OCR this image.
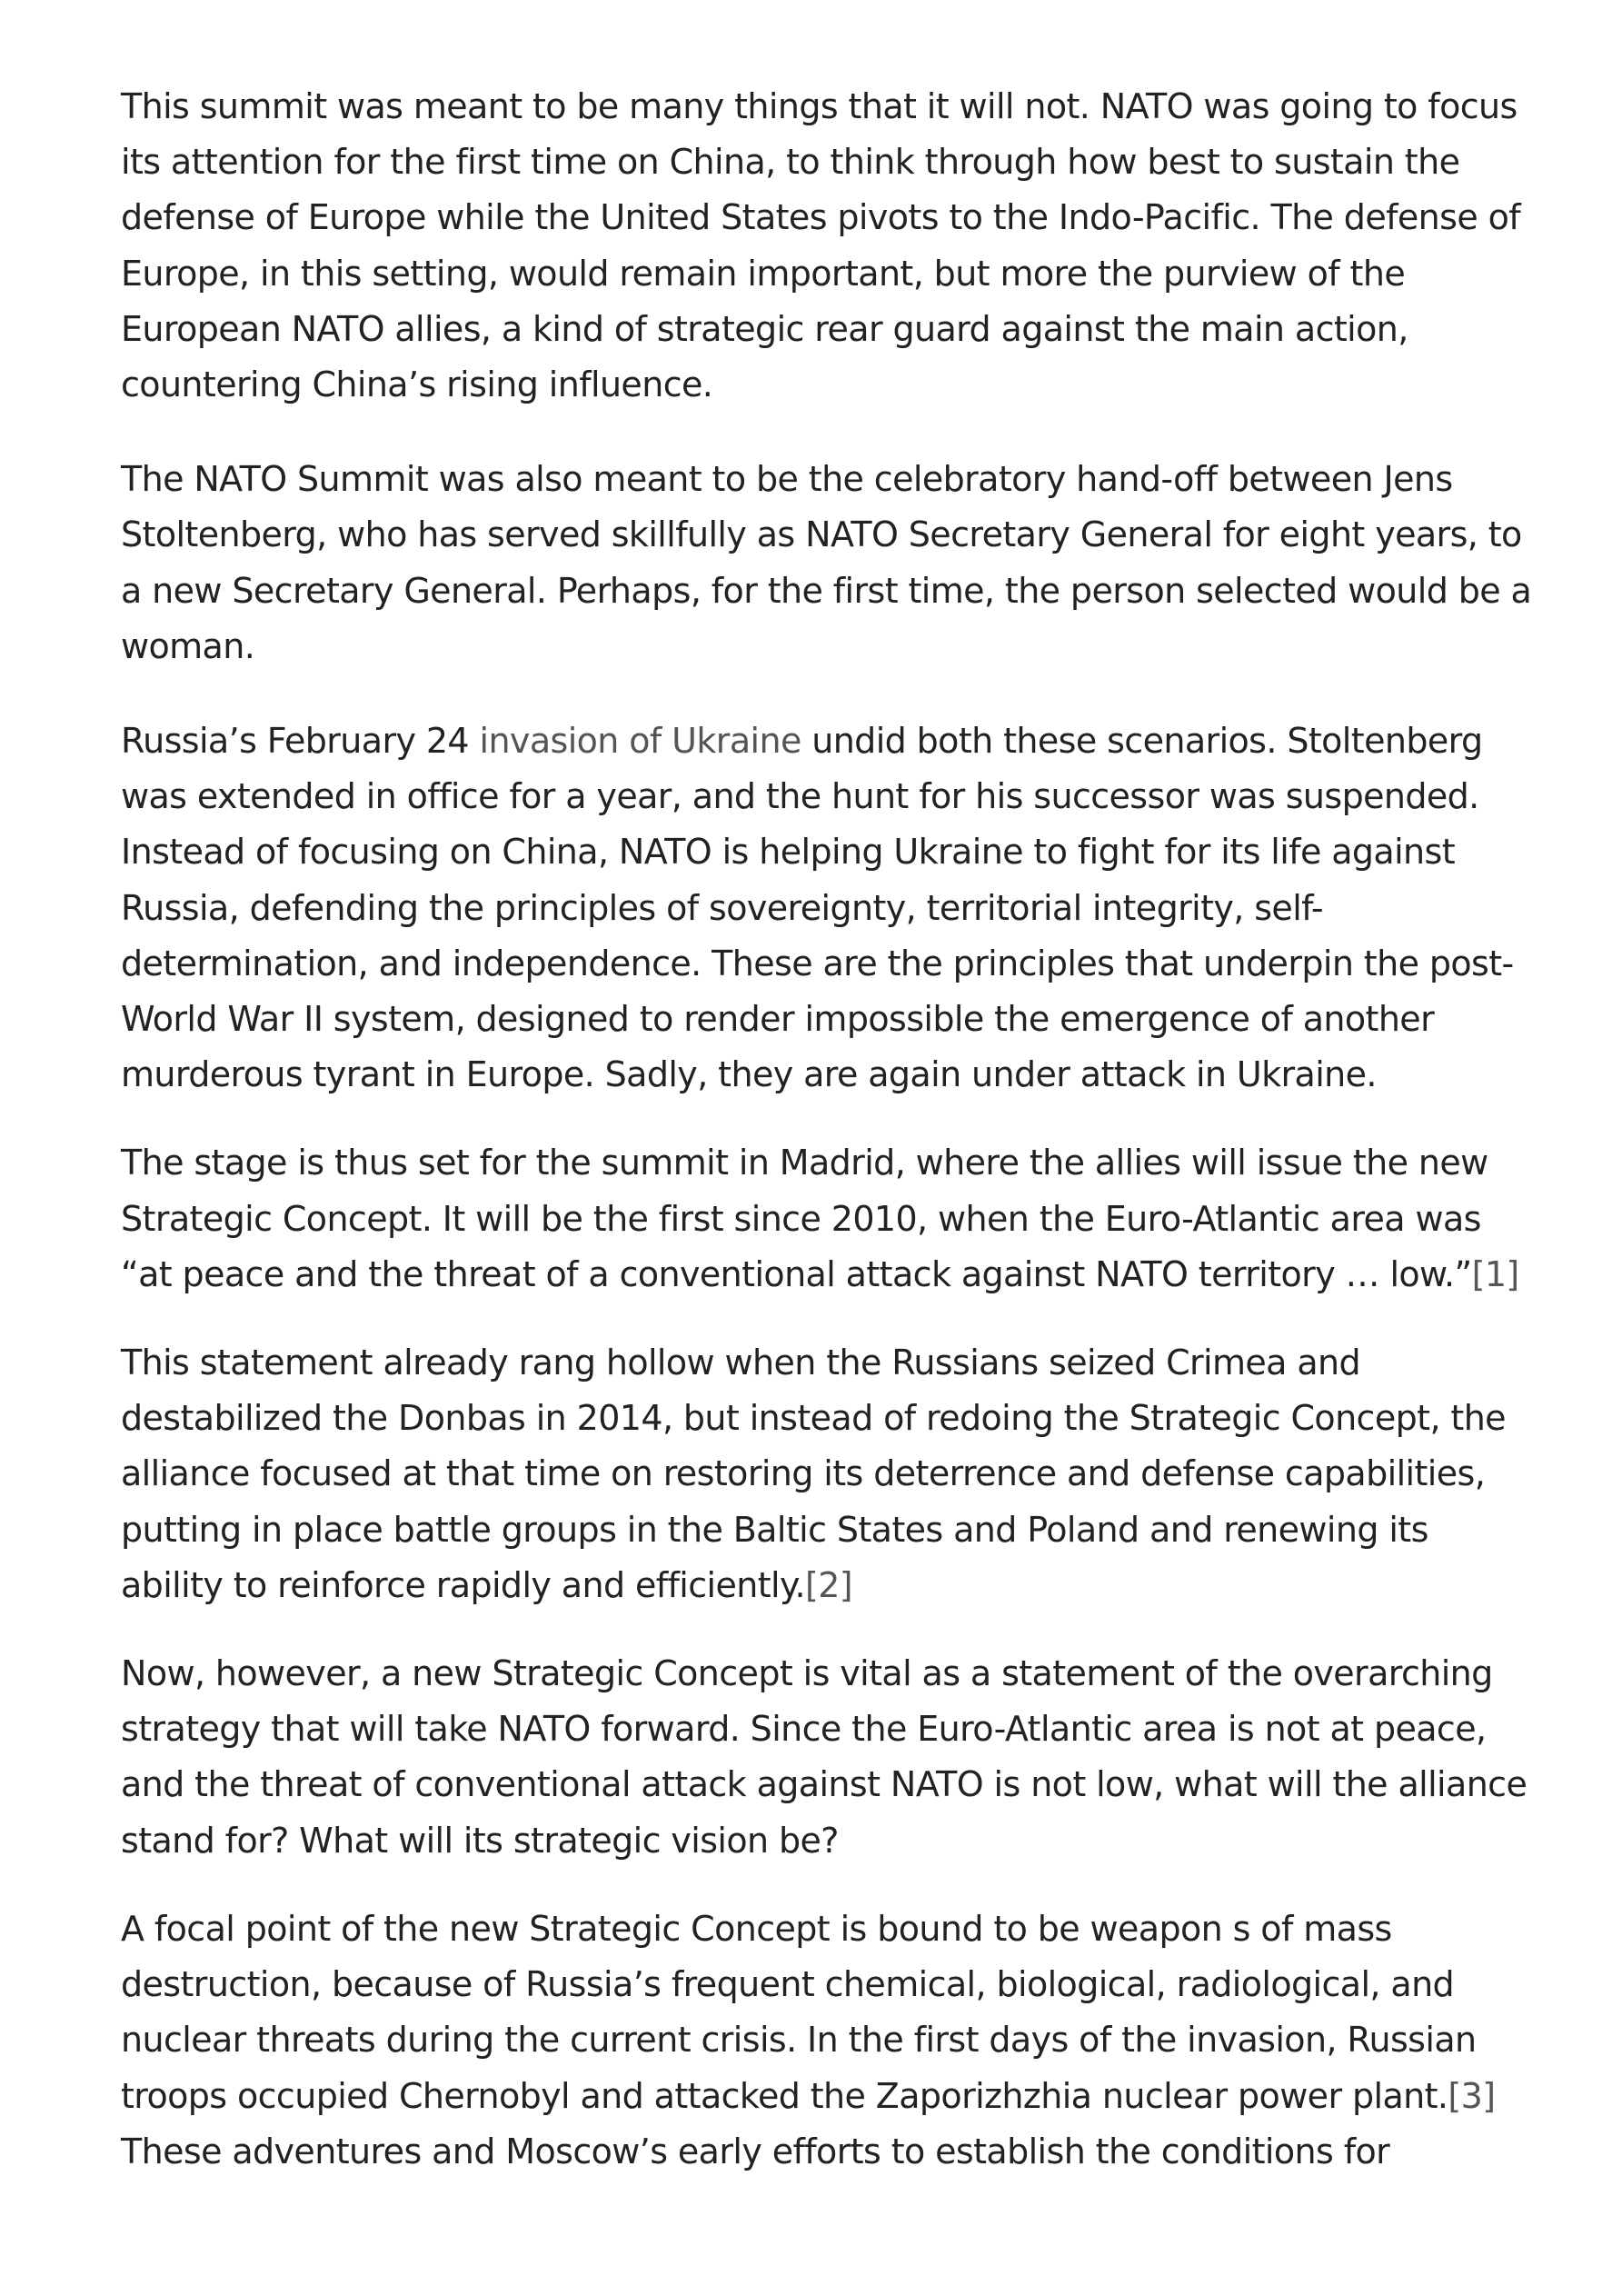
This summit was meant to be many things that it will not. NATO was going to focus its attention for the first time on China, to think through how best to sustain the defense of Europe while the United States pivots to the Indo-Pacific. The defense of Europe, in this setting, would remain important, but more the purview of the European NATO allies, a kind of strategic rear guard against the main action, countering China’s rising influence.

The NATO Summit was also meant to be the celebratory hand-off between Jens Stoltenberg, who has served skillfully as NATO Secretary General for eight years, to a new Secretary General. Perhaps, for the first time, the person selected would be a woman.

Russia’s February 24 invasion of Ukraine undid both these scenarios. Stoltenberg was extended in office for a year, and the hunt for his successor was suspended. Instead of focusing on China, NATO is helping Ukraine to fight for its life against Russia, defending the principles of sovereignty, territorial integrity, self-determination, and independence. These are the principles that underpin the post-World War II system, designed to render impossible the emergence of another murderous tyrant in Europe. Sadly, they are again under attack in Ukraine.

The stage is thus set for the summit in Madrid, where the allies will issue the new Strategic Concept. It will be the first since 2010, when the Euro-Atlantic area was “at peace and the threat of a conventional attack against NATO territory … low.”[1]

This statement already rang hollow when the Russians seized Crimea and destabilized the Donbas in 2014, but instead of redoing the Strategic Concept, the alliance focused at that time on restoring its deterrence and defense capabilities, putting in place battle groups in the Baltic States and Poland and renewing its ability to reinforce rapidly and efficiently.[2]

Now, however, a new Strategic Concept is vital as a statement of the overarching strategy that will take NATO forward. Since the Euro-Atlantic area is not at peace, and the threat of conventional attack against NATO is not low, what will the alliance stand for? What will its strategic vision be?

A focal point of the new Strategic Concept is bound to be weapon s of mass destruction, because of Russia’s frequent chemical, biological, radiological, and nuclear threats during the current crisis. In the first days of the invasion, Russian troops occupied Chernobyl and attacked the Zaporizhzhia nuclear power plant.[3] These adventures and Moscow’s early efforts to establish the conditions for
